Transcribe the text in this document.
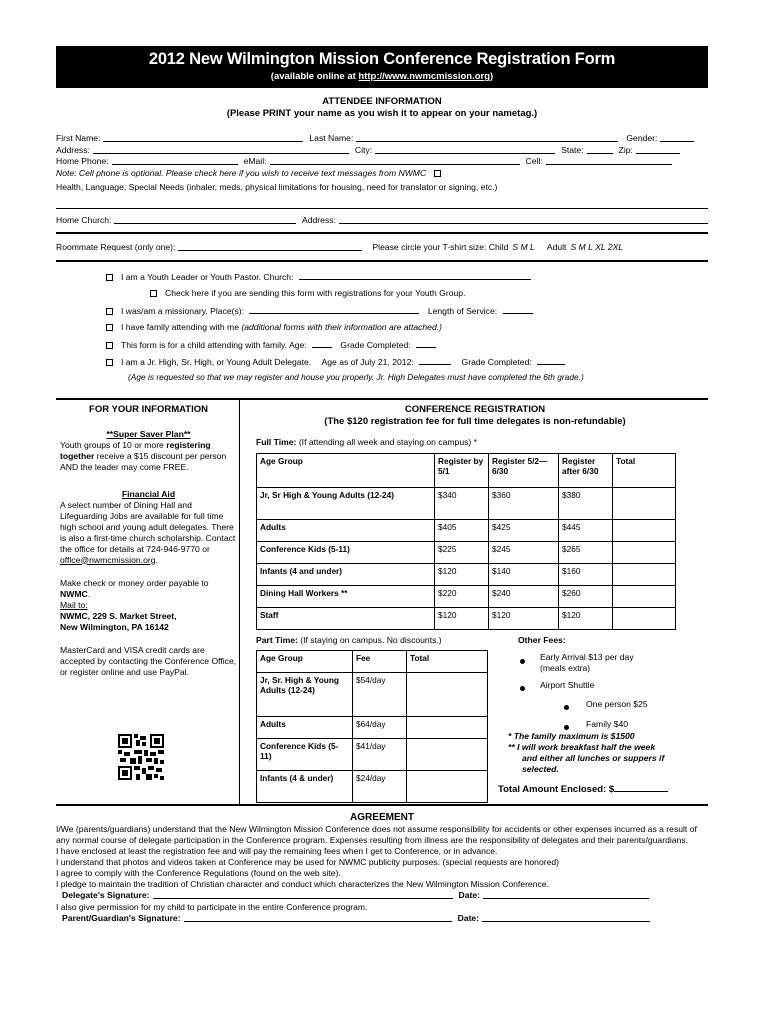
2012 New Wilmington Mission Conference Registration Form
(available online at http://www.nwmcmission.org)
ATTENDEE INFORMATION
(Please PRINT your name as you wish it to appear on your nametag.)
First Name:	Last Name:	Gender:
Address:	City:	State:	Zip:
Home Phone:	eMail:	Cell:
Note: Cell phone is optional. Please check here if you wish to receive text messages from NWMC
Health, Language, Special Needs (inhaler, meds, physical limitations for housing, need for translator or signing, etc.)
Home Church:	Address:
Roommate Request (only one):	Please circle your T-shirt size: Child S M L Adult S M L XL 2XL
I am a Youth Leader or Youth Pastor. Church:
Check here if you are sending this form with registrations for your Youth Group.
I was/am a missionary. Place(s):	Length of Service:
I have family attending with me (additional forms with their information are attached.)
This form is for a child attending with family. Age:	Grade Completed:
I am a Jr. High, Sr. High, or Young Adult Delegate. Age as of July 21, 2012:	Grade Completed:
(Age is requested so that we may register and house you properly. Jr. High Delegates must have completed the 6th grade.)
FOR YOUR INFORMATION
**Super Saver Plan**
Youth groups of 10 or more registering together receive a $15 discount per person AND the leader may come FREE.
Financial Aid
A select number of Dining Hall and Lifeguarding Jobs are available for full time high school and young adult delegates. There is also a first-time church scholarship. Contact the office for details at 724-946-9770 or office@nwmcmission.org.
Make check or money order payable to NWMC.
Mail to:
NWMC, 229 S. Market Street,
New Wilmington, PA 16142
MasterCard and VISA credit cards are accepted by contacting the Conference Office, or register online and use PayPal.
CONFERENCE REGISTRATION
(The $120 registration fee for full time delegates is non-refundable)
Full Time: (If attending all week and staying on campus) *
Age Group	Register by 5/1	Register 5/2—6/30	Register after 6/30	Total
Jr, Sr High & Young Adults (12-24)	$340	$360	$380	
Adults	$405	$425	$445	
Conference Kids (5-11)	$225	$245	$265	
Infants (4 and under)	$120	$140	$160	
Dining Hall Workers **	$220	$240	$260	
Staff	$120	$120	$120	
Part Time: (If staying on campus. No discounts.)
Age Group	Fee	Total
Jr, Sr. High & Young Adults (12-24)	$54/day	
Adults	$64/day	
Conference Kids (5-11)	$41/day	
Infants (4 & under)	$24/day	
Other Fees:
Early Arrival $13 per day
(meals extra)
Airport Shuttle
One person $25
Family $40
* The family maximum is $1500
** I will work breakfast half the week
and either all lunches or suppers if
selected.
Total Amount Enclosed: $
AGREEMENT
I/We (parents/guardians) understand that the New Wilmington Mission Conference does not assume responsibility for accidents or other expenses incurred as a result of any normal course of delegate participation in the Conference program. Expenses resulting from illness are the responsibility of delegates and their parents/guardians.
I have enclosed at least the registration fee and will pay the remaining fees when I get to Conference, or in advance.
I understand that photos and videos taken at Conference may be used for NWMC publicity purposes. (special requests are honored)
I agree to comply with the Conference Regulations (found on the web site).
I pledge to maintain the tradition of Christian character and conduct which characterizes the New Wilmington Mission Conference.
Delegate's Signature:	Date:
I also give permission for my child to participate in the entire Conference program.
Parent/Guardian's Signature:	Date:
